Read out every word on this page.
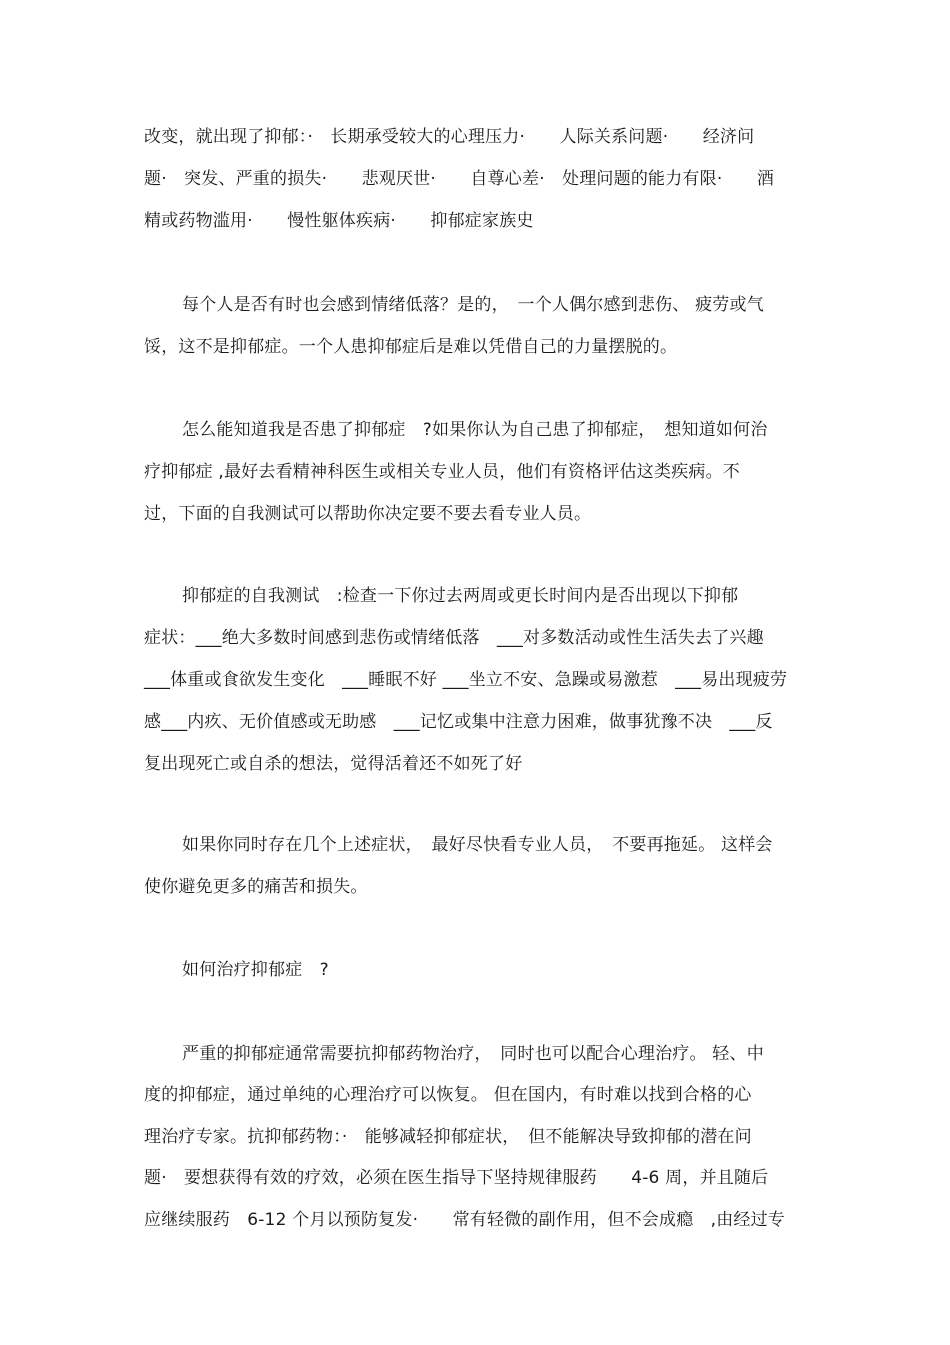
改变，就出现了抑郁：·　长期承受较大的心理压力·　　人际关系问题·　　经济问
题·　突发、严重的损失·　　悲观厌世·　　自尊心差·　处理问题的能力有限·　　酒
精或药物滥用·　　慢性躯体疾病·　　抑郁症家族史
每个人是否有时也会感到情绪低落？是的，　一个人偶尔感到悲伤、 疲劳或气
馁，这不是抑郁症。一个人患抑郁症后是难以凭借自己的力量摆脱的。
怎么能知道我是否患了抑郁症　?如果你认为自己患了抑郁症，　想知道如何治
疗抑郁症 ,最好去看精神科医生或相关专业人员，他们有资格评估这类疾病。不
过，下面的自我测试可以帮助你决定要不要去看专业人员。
抑郁症的自我测试　:检查一下你过去两周或更长时间内是否出现以下抑郁
症状：___绝大多数时间感到悲伤或情绪低落　___对多数活动或性生活失去了兴趣
___体重或食欲发生变化　___睡眠不好 ___坐立不安、急躁或易激惹　___易出现疲劳
感___内疚、无价值感或无助感　___记忆或集中注意力困难，做事犹豫不决　___反
复出现死亡或自杀的想法，觉得活着还不如死了好
如果你同时存在几个上述症状，　最好尽快看专业人员，　不要再拖延。 这样会
使你避免更多的痛苦和损失。
如何治疗抑郁症　?
严重的抑郁症通常需要抗抑郁药物治疗，　同时也可以配合心理治疗。 轻、中
度的抑郁症，通过单纯的心理治疗可以恢复。 但在国内，有时难以找到合格的心
理治疗专家。抗抑郁药物：·　能够减轻抑郁症状，　但不能解决导致抑郁的潜在问
题·　要想获得有效的疗效，必须在医生指导下坚持规律服药　　4-6 周，并且随后
应继续服药　6-12 个月以预防复发·　　常有轻微的副作用，但不会成瘾　,由经过专
